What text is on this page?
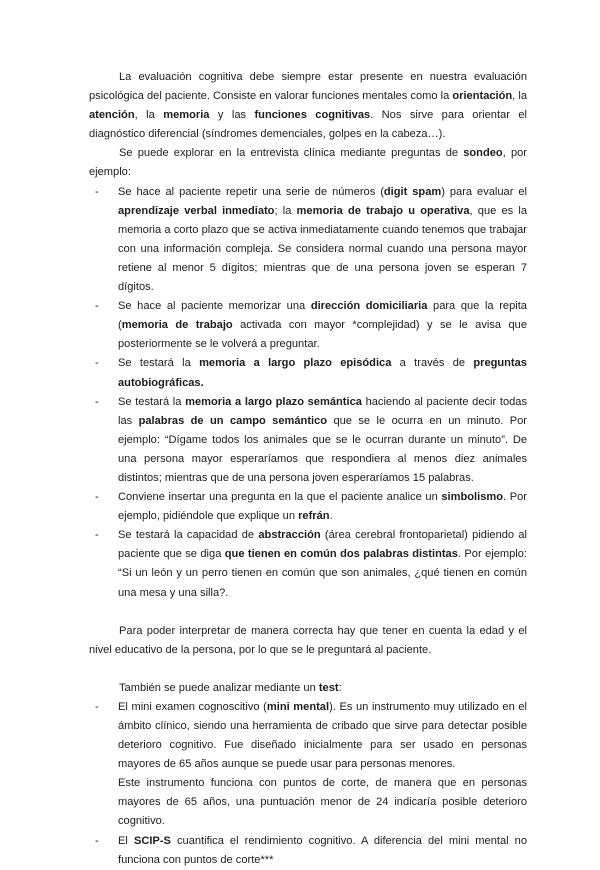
La evaluación cognitiva debe siempre estar presente en nuestra evaluación psicológica del paciente. Consiste en valorar funciones mentales como la orientación, la atención, la memoria y las funciones cognitivas. Nos sirve para orientar el diagnóstico diferencial (síndromes demenciales, golpes en la cabeza…).

Se puede explorar en la entrevista clínica mediante preguntas de sondeo, por ejemplo:

- Se hace al paciente repetir una serie de números (digit spam) para evaluar el aprendizaje verbal inmediato; la memoria de trabajo u operativa, que es la memoria a corto plazo que se activa inmediatamente cuando tenemos que trabajar con una información compleja. Se considera normal cuando una persona mayor retiene al menor 5 dígitos; mientras que de una persona joven se esperan 7 dígitos.
- Se hace al paciente memorizar una dirección domiciliaria para que la repita (memoria de trabajo activada con mayor *complejidad) y se le avisa que posteriormente se le volverá a preguntar.
- Se testará la memoria a largo plazo episódica a través de preguntas autobiográficas.
- Se testará la memoria a largo plazo semántica haciendo al paciente decir todas las palabras de un campo semántico que se le ocurra en un minuto. Por ejemplo: “Dígame todos los animales que se le ocurran durante un minuto”. De una persona mayor esperaríamos que respondiera al menos diez animales distintos; mientras que de una persona joven esperaríamos 15 palabras.
- Conviene insertar una pregunta en la que el paciente analice un simbolismo. Por ejemplo, pidiéndole que explique un refrán.
- Se testará la capacidad de abstracción (área cerebral frontoparietal) pidiendo al paciente que se diga que tienen en común dos palabras distintas. Por ejemplo: “Si un león y un perro tienen en común que son animales, ¿qué tienen en común una mesa y una silla?.

Para poder interpretar de manera correcta hay que tener en cuenta la edad y el nivel educativo de la persona, por lo que se le preguntará al paciente.

También se puede analizar mediante un test:

- El mini examen cognoscitivo (mini mental). Es un instrumento muy utilizado en el ámbito clínico, siendo una herramienta de cribado que sirve para detectar posible deterioro cognitivo. Fue diseñado inicialmente para ser usado en personas mayores de 65 años aunque se puede usar para personas menores.
Este instrumento funciona con puntos de corte, de manera que en personas mayores de 65 años, una puntuación menor de 24 indicaría posible deterioro cognitivo.
- El SCIP-S cuantifica el rendimiento cognitivo. A diferencia del mini mental no funciona con puntos de corte***
